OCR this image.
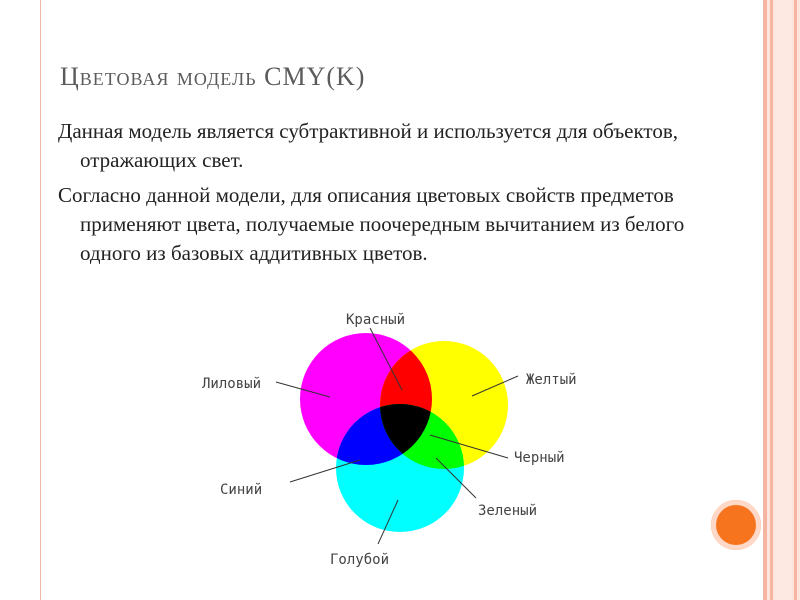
Цветовая модель CMY(K)

Данная модель является субтрактивной и используется для объектов, отражающих свет.

Согласно данной модели, для описания цветовых свойств предметов применяют цвета, получаемые поочередным вычитанием из белого одного из базовых аддитивных цветов.

Красный
Лиловый	Желтый
Черный
Синий
Зеленый
Голубой
